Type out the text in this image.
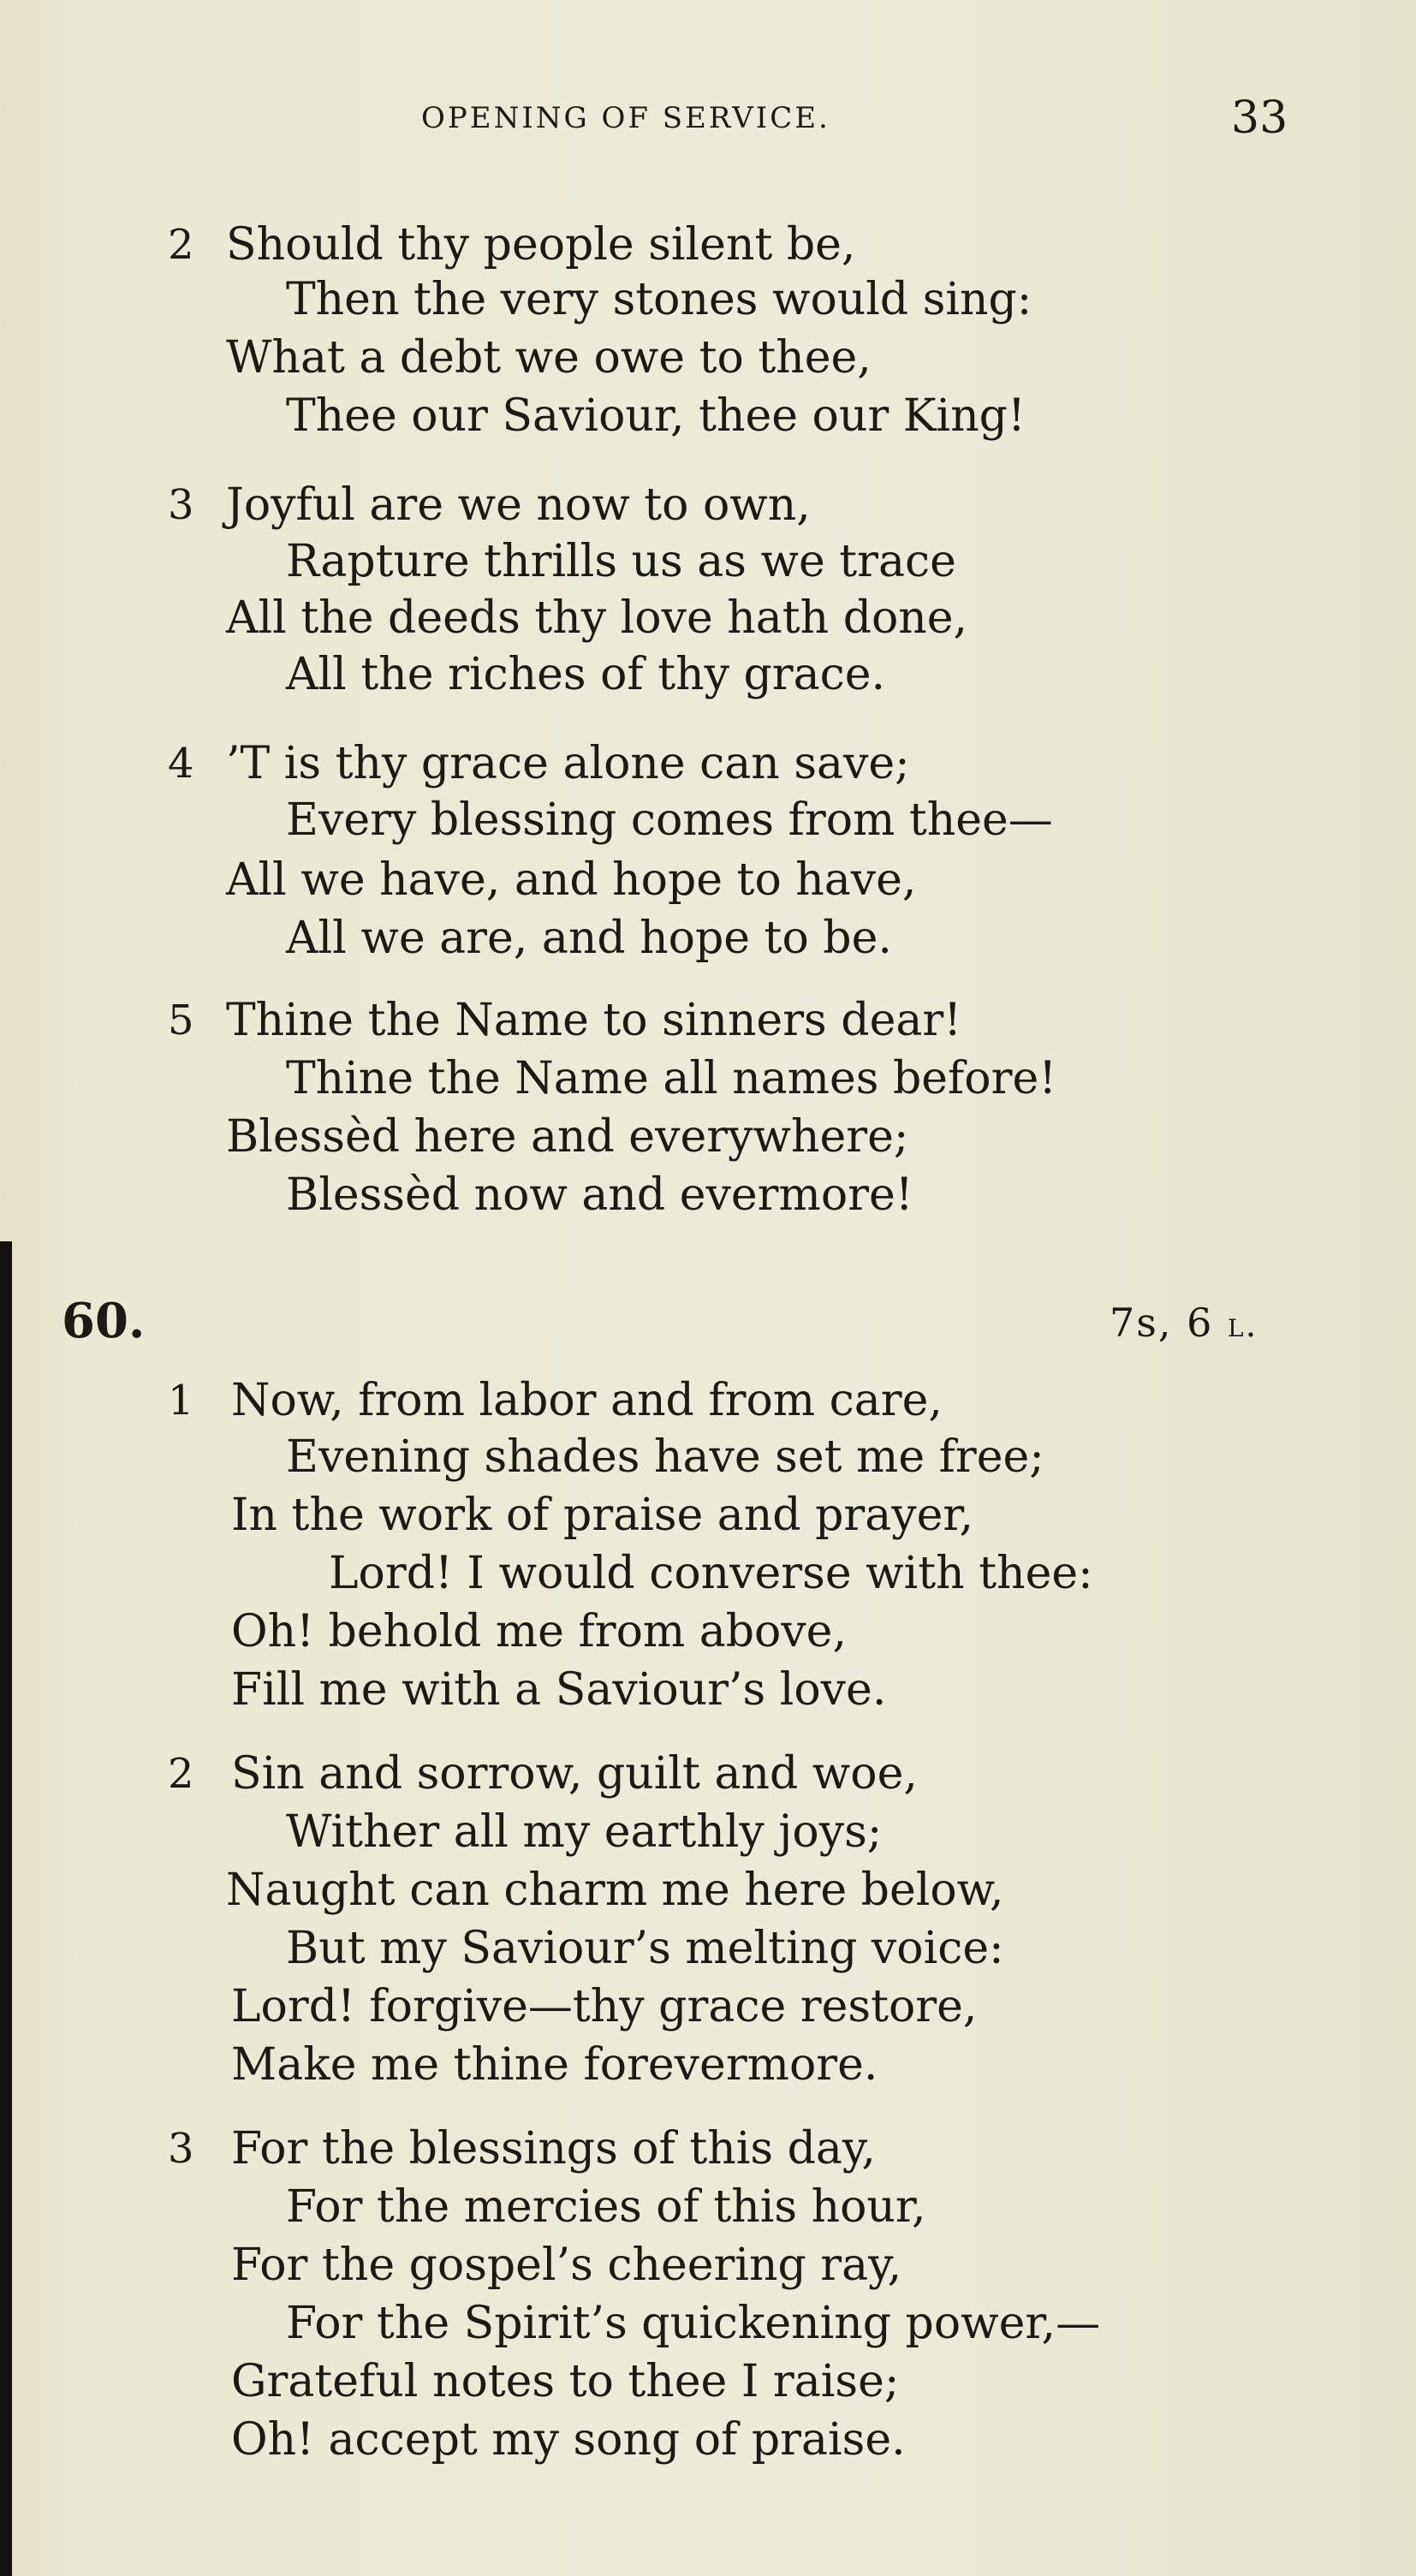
OPENING OF SERVICE.	33
2 Should thy people silent be,
Then the very stones would sing:
What a debt we owe to thee,
Thee our Saviour, thee our King!
3 Joyful are we now to own,
Rapture thrills us as we trace
All the deeds thy love hath done,
All the riches of thy grace.
4 ’T is thy grace alone can save;
Every blessing comes from thee—
All we have, and hope to have,
All we are, and hope to be.
5 Thine the Name to sinners dear!
Thine the Name all names before!
Blessèd here and everywhere;
Blessèd now and evermore!
60.	7s, 6 l.
1 Now, from labor and from care,
Evening shades have set me free;
In the work of praise and prayer,
Lord! I would converse with thee:
Oh! behold me from above,
Fill me with a Saviour’s love.
2 Sin and sorrow, guilt and woe,
Wither all my earthly joys;
Naught can charm me here below,
But my Saviour’s melting voice:
Lord! forgive—thy grace restore,
Make me thine forevermore.
3 For the blessings of this day,
For the mercies of this hour,
For the gospel’s cheering ray,
For the Spirit’s quickening power,—
Grateful notes to thee I raise;
Oh! accept my song of praise.
